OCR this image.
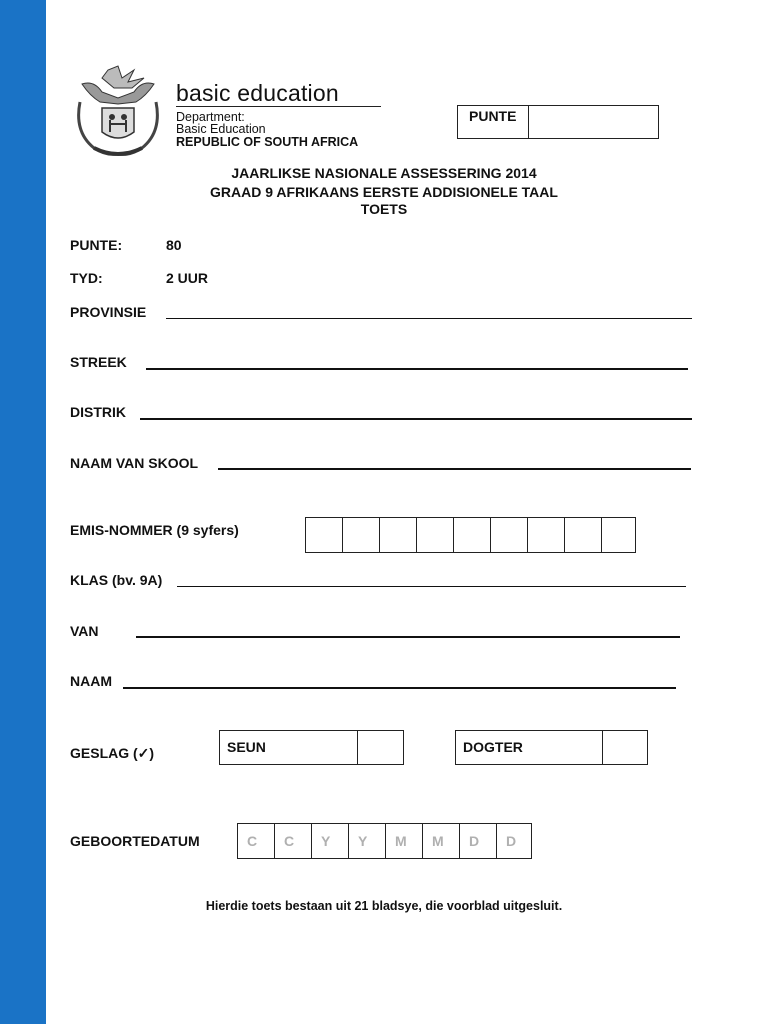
basic education
Department:
Basic Education
REPUBLIC OF SOUTH AFRICA
PUNTE
JAARLIKSE NASIONALE ASSESSERING 2014
GRAAD 9 AFRIKAANS EERSTE ADDISIONELE TAAL
TOETS
PUNTE:	80
TYD:	2 UUR
PROVINSIE
STREEK
DISTRIK
NAAM VAN SKOOL
EMIS-NOMMER (9 syfers)
KLAS (bv. 9A)
VAN
NAAM
GESLAG (✓)	SEUN	DOGTER
GEBOORTEDATUM	C	C	Y	Y	M	M	D	D
Hierdie toets bestaan uit 21 bladsye, die voorblad uitgesluit.
